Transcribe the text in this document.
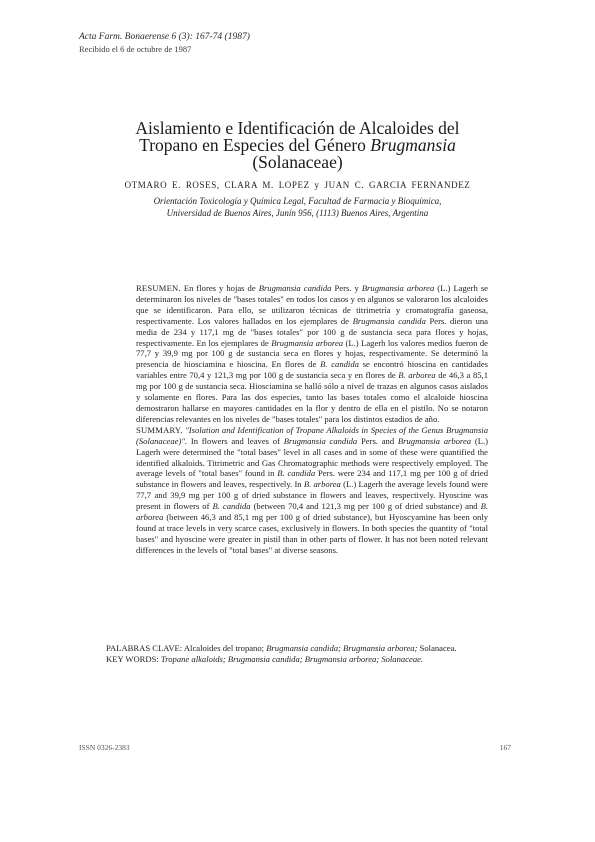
Acta Farm. Bonaerense 6 (3): 167-74 (1987)
Recibido el 6 de octubre de 1987
Aislamiento e Identificación de Alcaloides del
Tropano en Especies del Género Brugmansia
(Solanaceae)
OTMARO E. ROSES, CLARA M. LOPEZ y JUAN C. GARCIA FERNANDEZ
Orientación Toxicología y Química Legal, Facultad de Farmacia y Bioquímica,
Universidad de Buenos Aires, Junín 956, (1113) Buenos Aires, Argentina

RESUMEN. En flores y hojas de Brugmansia candida Pers. y Brugmansia arborea (L.) Lagerh se determinaron los niveles de "bases totales" en todos los casos y en algunos se valoraron los alcaloides que se identificaron. Para ello, se utilizaron técnicas de titrimetría y cromatografía gaseosa, respectivamente. Los valores hallados en los ejemplares de Brugmansia candida Pers. dieron una media de 234 y 117,1 mg de "bases totales" por 100 g de sustancia seca para flores y hojas, respectivamente. En los ejemplares de Brugmansia arborea (L.) Lagerh los valores medios fueron de 77,7 y 39,9 mg por 100 g de sustancia seca en flores y hojas, respectivamente. Se determinó la presencia de hiosciamina e hioscina. En flores de B. candida se encontró hioscina en cantidades variables entre 70,4 y 121,3 mg por 100 g de sustancia seca y en flores de B. arborea de 46,3 a 85,1 mg por 100 g de sustancia seca. Hiosciamina se halló sólo a nivel de trazas en algunos casos aislados y solamente en flores. Para las dos especies, tanto las bases totales como el alcaloide hioscina demostraron hallarse en mayores cantidades en la flor y dentro de ella en el pistilo. No se notaron diferencias relevantes en los niveles de "bases totales" para los distintos estadios de año.

SUMMARY. "Isolation and Identification of Tropane Alkaloids in Species of the Genus Brugmansia (Solanaceae)". In flowers and leaves of Brugmansia candida Pers. and Brugmansia arborea (L.) Lagerh were determined the "total bases" level in all cases and in some of these were quantified the identified alkaloids. Titrimetric and Gas Chromatographic methods were respectively employed. The average levels of "total bases" found in B. candida Pers. were 234 and 117,1 mg per 100 g of dried substance in flowers and leaves, respectively. In B. arborea (L.) Lagerh the average levels found were 77,7 and 39,9 mg per 100 g of dried substance in flowers and leaves, respectively. Hyoscine was present in flowers of B. candida (between 70,4 and 121,3 mg per 100 g of dried substance) and B. arborea (between 46,3 and 85,1 mg per 100 g of dried substance), but Hyoscyamine has been only found at trace levels in very scarce cases, exclusively in flowers. In both species the quantity of "total bases" and hyoscine were greater in pistil than in other parts of flower. It has not been noted relevant differences in the levels of "total bases" at diverse seasons.

PALABRAS CLAVE: Alcaloides del tropano; Brugmansia candida; Brugmansia arborea; Solanacea.

KEY WORDS: Tropane alkaloids; Brugmansia candida; Brugmansia arborea; Solanaceae.

ISSN 0326-2383	167
